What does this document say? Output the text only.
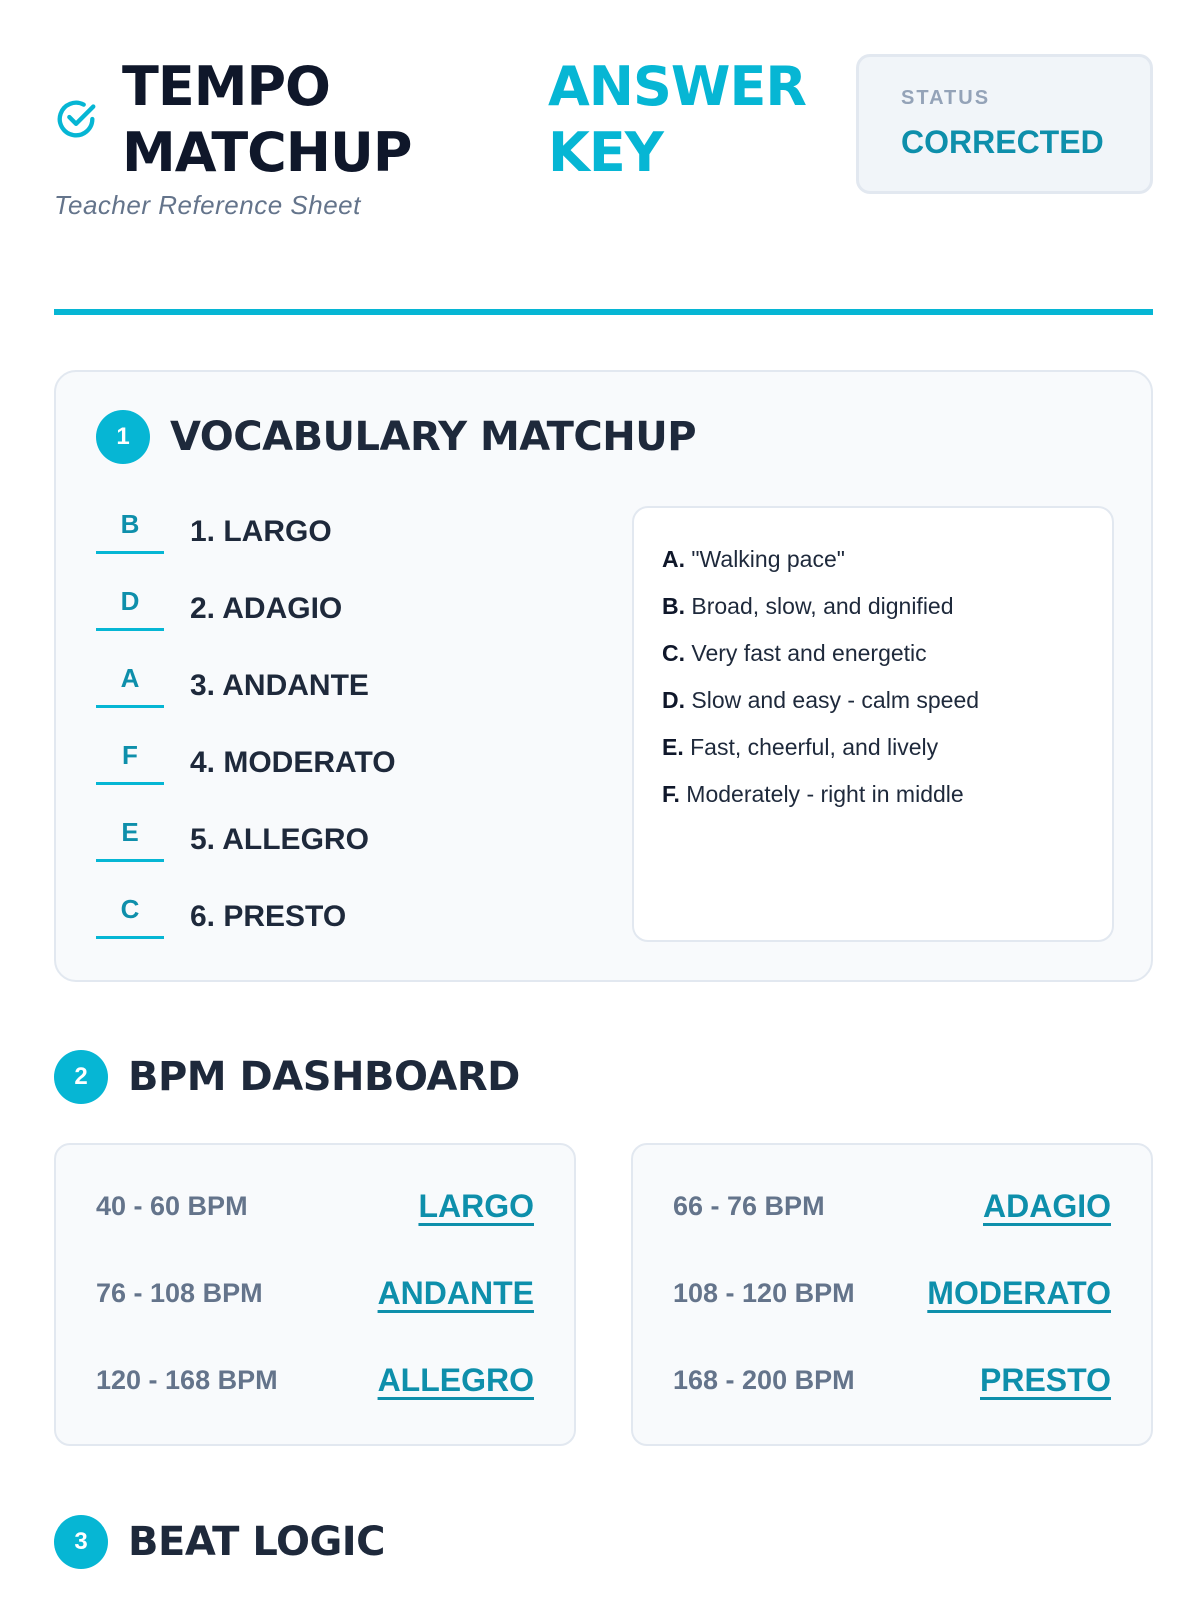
TEMPO
MATCHUP
ANSWER
KEY
Teacher Reference Sheet
STATUS
CORRECTED
1	VOCABULARY MATCHUP
B	1. LARGO
D	2. ADAGIO
A	3. ANDANTE
F	4. MODERATO
E	5. ALLEGRO
C	6. PRESTO
A. "Walking pace"
B. Broad, slow, and dignified
C. Very fast and energetic
D. Slow and easy - calm speed
E. Fast, cheerful, and lively
F. Moderately - right in middle
2	BPM DASHBOARD
40 - 60 BPM	LARGO
76 - 108 BPM	ANDANTE
120 - 168 BPM	ALLEGRO
66 - 76 BPM	ADAGIO
108 - 120 BPM MODERATO
168 - 200 BPM	PRESTO
3	BEAT LOGIC
